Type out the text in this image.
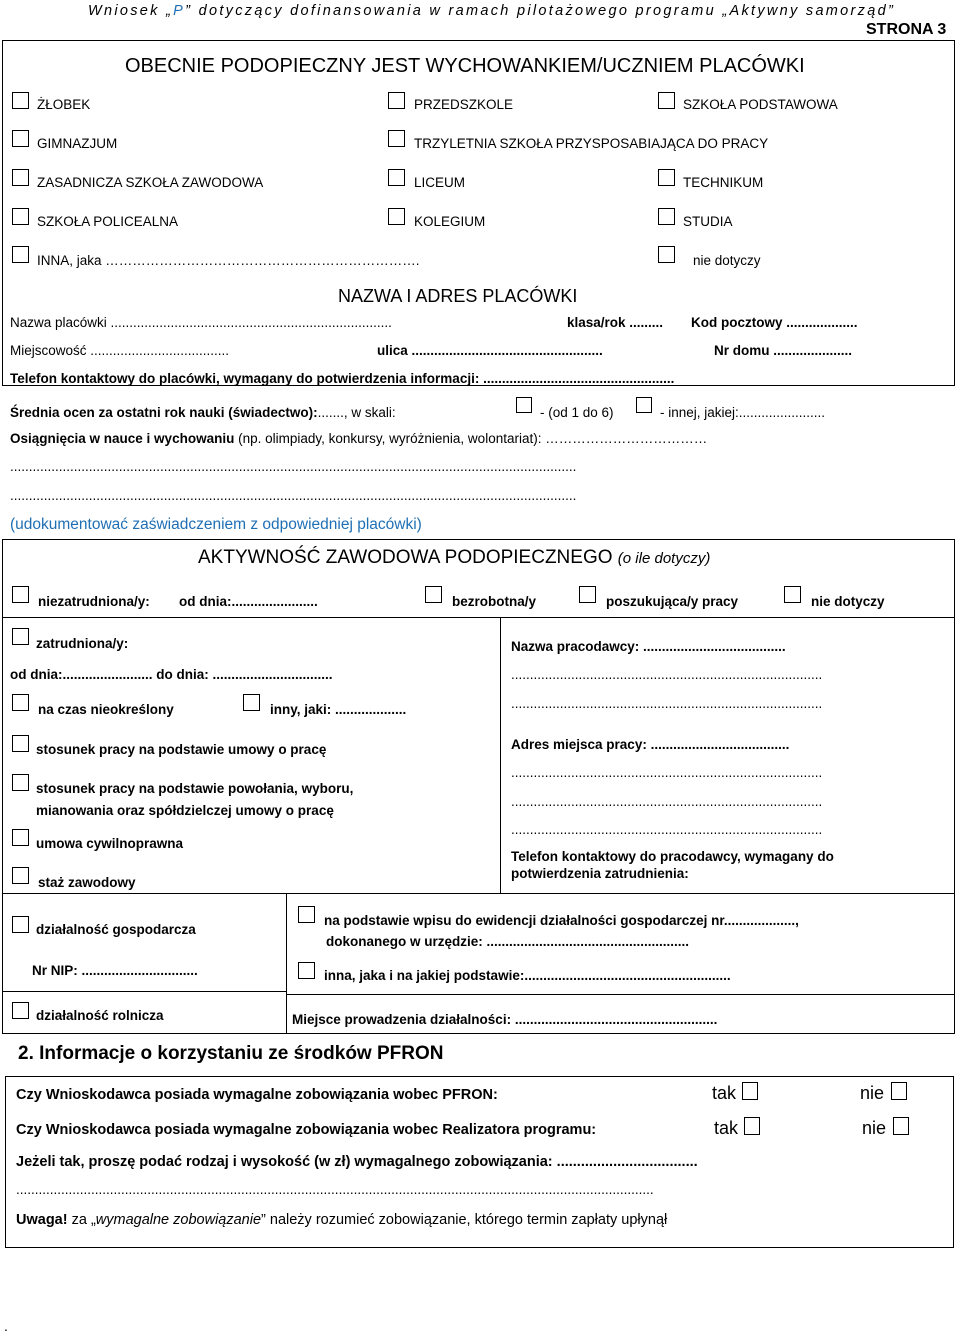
Wniosek „P” dotyczący dofinansowania w ramach pilotażowego programu „Aktywny samorząd”
STRONA 3
OBECNIE PODOPIECZNY JEST WYCHOWANKIEM/UCZNIEM PLACÓWKI
ŻŁOBEK	PRZEDSZKOLE	SZKOŁA PODSTAWOWA
GIMNAZJUM	TRZYLETNIA SZKOŁA PRZYSPOSABIAJĄCA DO PRACY
ZASADNICZA SZKOŁA ZAWODOWA	LICEUM	TECHNIKUM
SZKOŁA POLICEALNA	KOLEGIUM	STUDIA
INNA, jaka …………………………………………………………….	nie dotyczy
NAZWA I ADRES PLACÓWKI
Nazwa placówki ...........................................................................	klasa/rok ......... Kod pocztowy ...................
Miejscowość .....................................	ulica ...................................................	Nr domu .....................
Telefon kontaktowy do placówki, wymagany do potwierdzenia informacji: ...................................................
Średnia ocen za ostatni rok nauki (świadectwo):......., w skali:	- (od 1 do 6)	- innej, jakiej:.......................
Osiągnięcia w nauce i wychowaniu (np. olimpiady, konkursy, wyróżnienia, wolontariat): ………………………………
.......................................................................................................................................................
.......................................................................................................................................................
(udokumentować zaświadczeniem z odpowiedniej placówki)
AKTYWNOŚĆ ZAWODOWA PODOPIECZNEGO (o ile dotyczy)
niezatrudniona/y: od dnia:.......................	bezrobotna/y	poszukująca/y pracy	nie dotyczy
zatrudniona/y:
od dnia:........................ do dnia: ................................
na czas nieokreślony	inny, jaki: ...................
stosunek pracy na podstawie umowy o pracę
stosunek pracy na podstawie powołania, wyboru,
mianowania oraz spółdzielczej umowy o pracę
umowa cywilnoprawna
staż zawodowy
Nazwa pracodawcy: ......................................
...................................................................................
...................................................................................
Adres miejsca pracy: .....................................
...................................................................................
...................................................................................
...................................................................................
Telefon kontaktowy do pracodawcy, wymagany do
potwierdzenia zatrudnienia:
działalność gospodarcza
Nr NIP: ...............................
na podstawie wpisu do ewidencji działalności gospodarczej nr...................,
dokonanego w urzędzie: ......................................................
inna, jaka i na jakiej podstawie:.......................................................
działalność rolnicza	Miejsce prowadzenia działalności: ......................................................
2. Informacje o korzystaniu ze środków PFRON
Czy Wnioskodawca posiada wymagalne zobowiązania wobec PFRON:	tak	nie
Czy Wnioskodawca posiada wymagalne zobowiązania wobec Realizatora programu:	tak	nie
Jeżeli tak, proszę podać rodzaj i wysokość (w zł) wymagalnego zobowiązania: ...................................
..........................................................................................................................................................................
Uwaga! za „wymagalne zobowiązanie” należy rozumieć zobowiązanie, którego termin zapłaty upłynął
.
